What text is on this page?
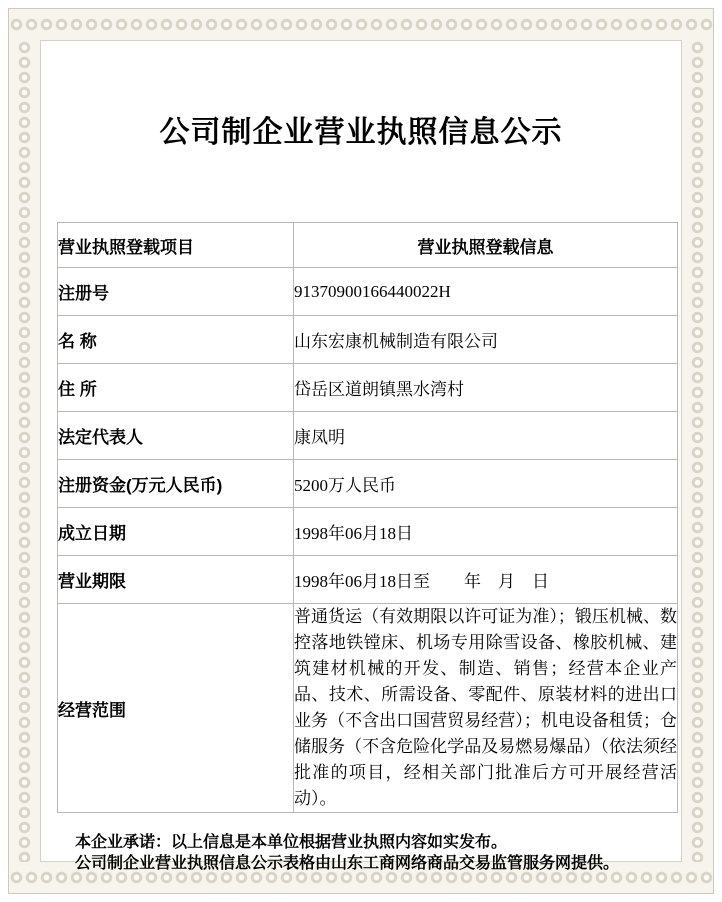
公司制企业营业执照信息公示
营业执照登载项目	营业执照登载信息
注册号	91370900166440022H
名 称	山东宏康机械制造有限公司
住 所	岱岳区道朗镇黑水湾村
法定代表人	康凤明
注册资金(万元人民币)	5200万人民币
成立日期	1998年06月18日
营业期限	1998年06月18日至　　年　月　日
经营范围	普通货运（有效期限以许可证为准）；锻压机械、数控落地铁镗床、机场专用除雪设备、橡胶机械、建筑建材机械的开发、制造、销售；经营本企业产品、技术、所需设备、零配件、原装材料的进出口业务（不含出口国营贸易经营）；机电设备租赁；仓储服务（不含危险化学品及易燃易爆品）（依法须经批准的项目，经相关部门批准后方可开展经营活动）。

本企业承诺：以上信息是本单位根据营业执照内容如实发布。

公司制企业营业执照信息公示表格由山东工商网络商品交易监管服务网提供。
